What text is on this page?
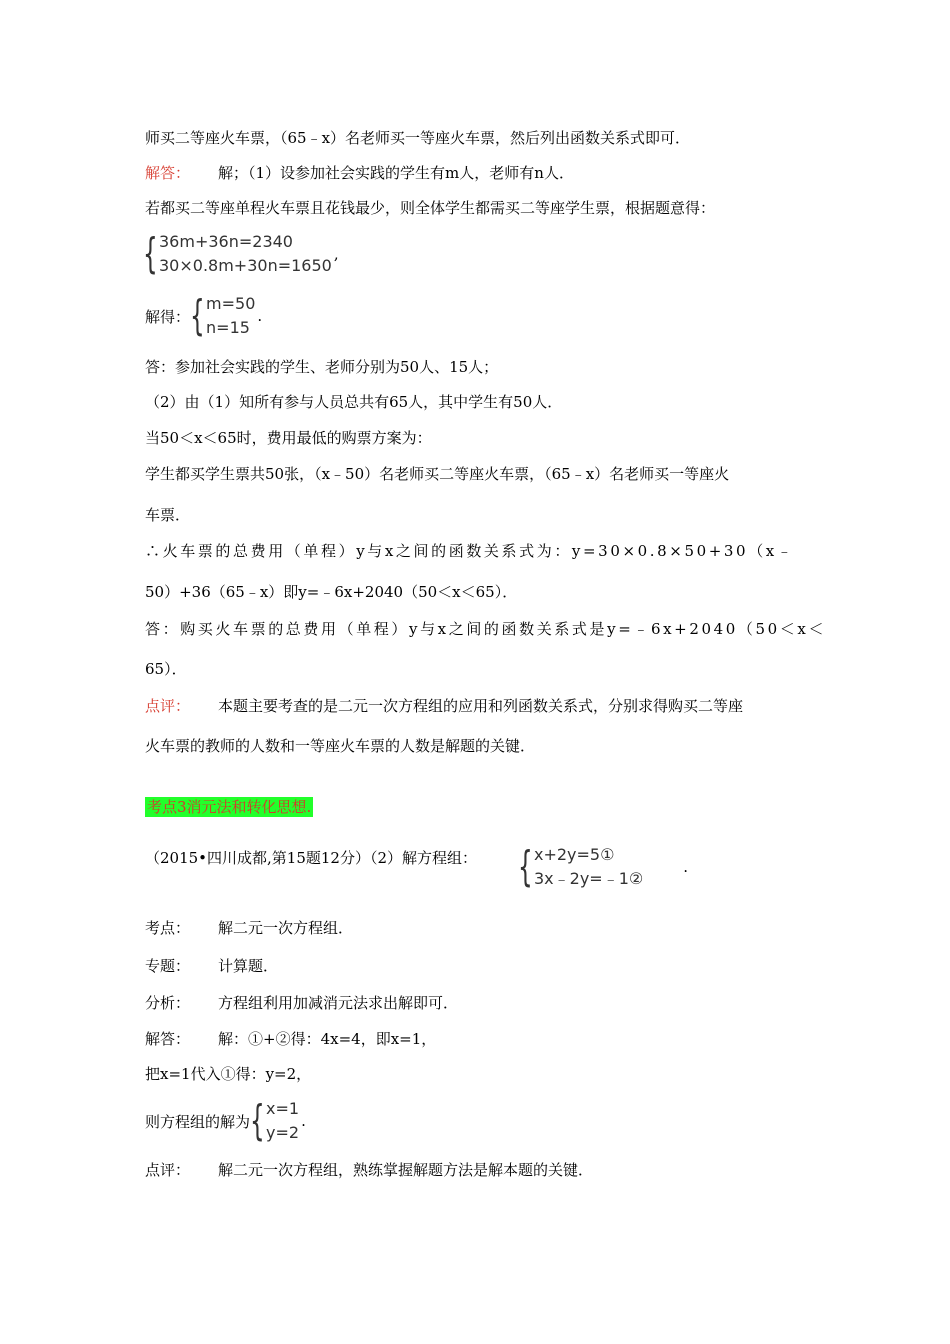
师买二等座火车票，（65﹣x）名老师买一等座火车票，然后列出函数关系式即可．
解答： 解；（1）设参加社会实践的学生有m人，老师有n人．
若都买二等座单程火车票且花钱最少，则全体学生都需买二等座学生票，根据题意得：
{ 36m+36n=2340
30×0.8m+30n=1650
,
解得： { m=50
n=15
.
答：参加社会实践的学生、老师分别为50人、15人；
（2）由（1）知所有参与人员总共有65人，其中学生有50人．
当50＜x＜65时，费用最低的购票方案为：
学生都买学生票共50张，（x﹣50）名老师买二等座火车票，（65﹣x）名老师买一等座火
车票．
∴火车票的总费用（单程）y与x之间的函数关系式为：y=30×0.8×50+30（x﹣
50）+36（65﹣x）即y=﹣6x+2040（50＜x＜65）．
答：购买火车票的总费用（单程）y与x之间的函数关系式是y=﹣6x+2040（50＜x＜
65）．
点评： 本题主要考查的是二元一次方程组的应用和列函数关系式，分别求得购买二等座
火车票的教师的人数和一等座火车票的人数是解题的关键．
考点3消元法和转化思想.
（2015•四川成都,第15题12分）（2）解方程组： { x+2y=5①
3x﹣2y=﹣1②
.
考点： 解二元一次方程组．
专题： 计算题．
分析： 方程组利用加减消元法求出解即可．
解答： 解：①+②得：4x=4，即x=1，
把x=1代入①得：y=2，
则方程组的解为 { x=1
y=2
.
点评： 解二元一次方程组，熟练掌握解题方法是解本题的关键．
